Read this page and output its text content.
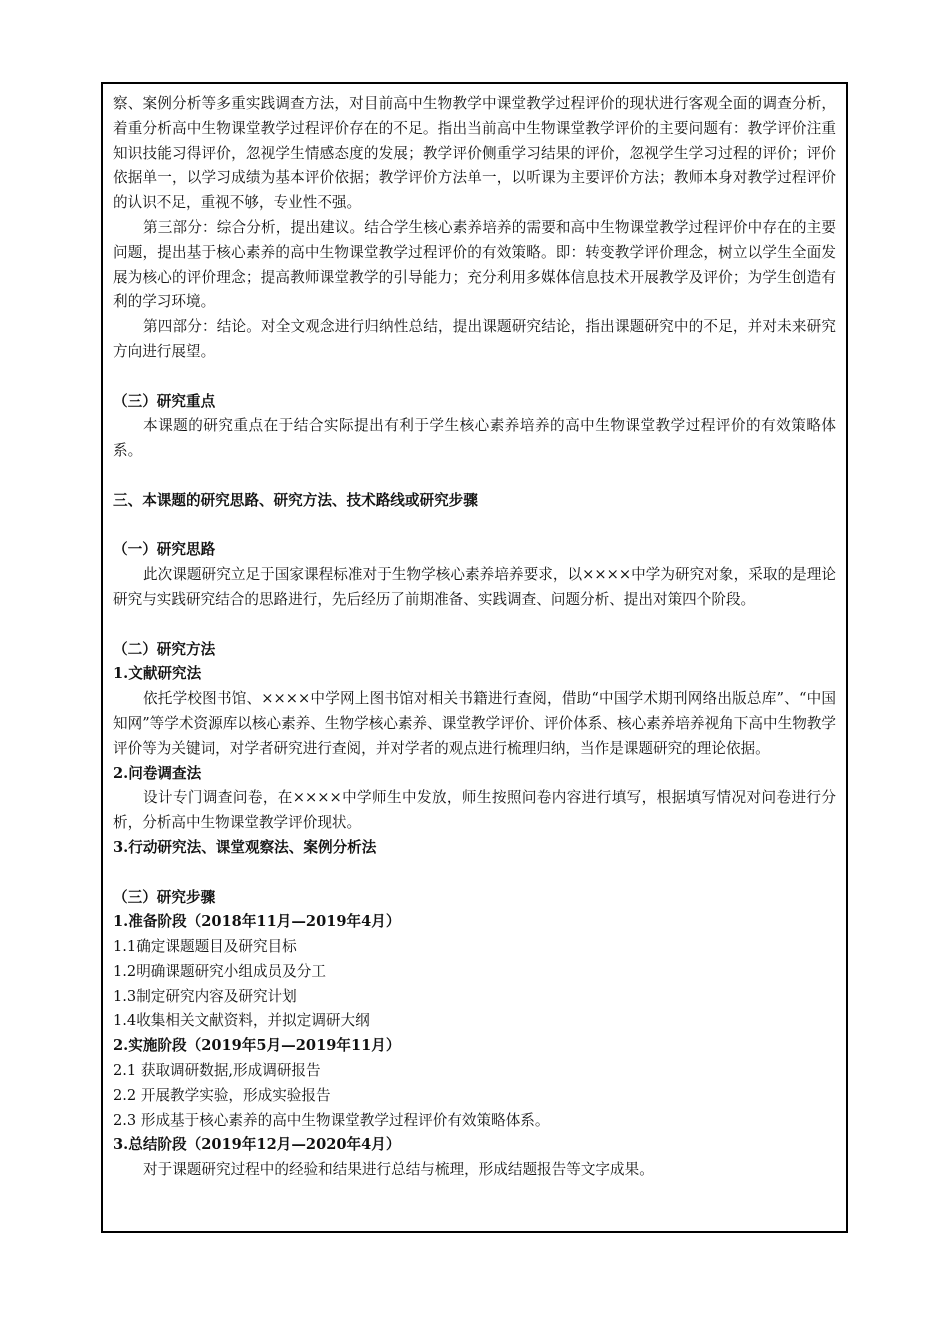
察、案例分析等多重实践调查方法，对目前高中生物教学中课堂教学过程评价的现状进行客观全面的调查分析，着重分析高中生物课堂教学过程评价存在的不足。指出当前高中生物课堂教学评价的主要问题有：教学评价注重知识技能习得评价，忽视学生情感态度的发展；教学评价侧重学习结果的评价，忽视学生学习过程的评价；评价依据单一，以学习成绩为基本评价依据；教学评价方法单一，以听课为主要评价方法；教师本身对教学过程评价的认识不足，重视不够，专业性不强。

第三部分：综合分析，提出建议。结合学生核心素养培养的需要和高中生物课堂教学过程评价中存在的主要问题，提出基于核心素养的高中生物课堂教学过程评价的有效策略。即：转变教学评价理念，树立以学生全面发展为核心的评价理念；提高教师课堂教学的引导能力；充分利用多媒体信息技术开展教学及评价；为学生创造有利的学习环境。

第四部分：结论。对全文观念进行归纳性总结，提出课题研究结论，指出课题研究中的不足，并对未来研究方向进行展望。

（三）研究重点

本课题的研究重点在于结合实际提出有利于学生核心素养培养的高中生物课堂教学过程评价的有效策略体系。

三、本课题的研究思路、研究方法、技术路线或研究步骤

（一）研究思路

此次课题研究立足于国家课程标准对于生物学核心素养培养要求，以××××中学为研究对象，采取的是理论研究与实践研究结合的思路进行，先后经历了前期准备、实践调查、问题分析、提出对策四个阶段。

（二）研究方法

1.文献研究法

依托学校图书馆、××××中学网上图书馆对相关书籍进行查阅，借助“中国学术期刊网络出版总库”、“中国知网”等学术资源库以核心素养、生物学核心素养、课堂教学评价、评价体系、核心素养培养视角下高中生物教学评价等为关键词，对学者研究进行查阅，并对学者的观点进行梳理归纳，当作是课题研究的理论依据。

2.问卷调查法

设计专门调查问卷，在××××中学师生中发放，师生按照问卷内容进行填写，根据填写情况对问卷进行分析，分析高中生物课堂教学评价现状。

3.行动研究法、课堂观察法、案例分析法

（三）研究步骤

1.准备阶段（2018年11月—2019年4月）

1.1确定课题题目及研究目标

1.2明确课题研究小组成员及分工

1.3制定研究内容及研究计划

1.4收集相关文献资料，并拟定调研大纲

2.实施阶段（2019年5月—2019年11月）

2.1 获取调研数据,形成调研报告

2.2 开展教学实验，形成实验报告

2.3 形成基于核心素养的高中生物课堂教学过程评价有效策略体系。

3.总结阶段（2019年12月—2020年4月）

对于课题研究过程中的经验和结果进行总结与梳理，形成结题报告等文字成果。
